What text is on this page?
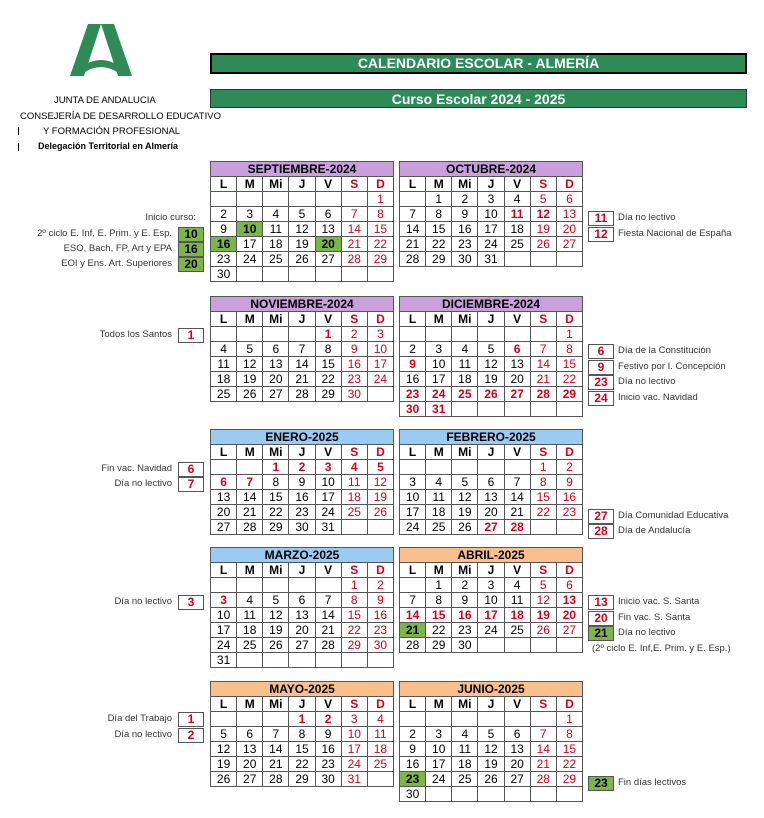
JUNTA DE ANDALUCIA
CONSEJERÍA DE DESARROLLO EDUCATIVO
Y FORMACIÓN PROFESIONAL
Delegación Territorial en Almería
CALENDARIO ESCOLAR - ALMERÍA
Curso Escolar 2024 - 2025
SEPTIEMBRE-2024						
L	M	Mi	J	V	S	D
						1
2	3	4	5	6	7	8
9	10	11	12	13	14	15
16	17	18	19	20	21	22
23	24	25	26	27	28	29
30						
OCTUBRE-2024						
L	M	Mi	J	V	S	D
	1	2	3	4	5	6
7	8	9	10	11	12	13
14	15	16	17	18	19	20
21	22	23	24	25	26	27
28	29	30	31			
NOVIEMBRE-2024						
L	M	Mi	J	V	S	D
				1	2	3
4	5	6	7	8	9	10
11	12	13	14	15	16	17
18	19	20	21	22	23	24
25	26	27	28	29	30	
DICIEMBRE-2024						
L	M	Mi	J	V	S	D
						1
2	3	4	5	6	7	8
9	10	11	12	13	14	15
16	17	18	19	20	21	22
23	24	25	26	27	28	29
30	31					
ENERO-2025						
L	M	Mi	J	V	S	D
		1	2	3	4	5
6	7	8	9	10	11	12
13	14	15	16	17	18	19
20	21	22	23	24	25	26
27	28	29	30	31		
FEBRERO-2025						
L	M	Mi	J	V	S	D
					1	2
3	4	5	6	7	8	9
10	11	12	13	14	15	16
17	18	19	20	21	22	23
24	25	26	27	28		
MARZO-2025						
L	M	Mi	J	V	S	D
					1	2
3	4	5	6	7	8	9
10	11	12	13	14	15	16
17	18	19	20	21	22	23
24	25	26	27	28	29	30
31						
ABRIL-2025						
L	M	Mi	J	V	S	D
	1	2	3	4	5	6
7	8	9	10	11	12	13
14	15	16	17	18	19	20
21	22	23	24	25	26	27
28	29	30				
MAYO-2025						
L	M	Mi	J	V	S	D
			1	2	3	4
5	6	7	8	9	10	11
12	13	14	15	16	17	18
19	20	21	22	23	24	25
26	27	28	29	30	31	
JUNIO-2025						
L	M	Mi	J	V	S	D
						1
2	3	4	5	6	7	8
9	10	11	12	13	14	15
16	17	18	19	20	21	22
23	24	25	26	27	28	29
30						
Inicio curso:
2º ciclo E. Inf, E. Prim. y E. Esp.	10
ESO, Bach, FP, Art y EPA	16
EOI y Ens. Art. Superiores	20
Todos los Santos	1
Fin vac. Navidad	6
Día no lectivo	7
Día no lectivo	3
Día del Trabajo	1
Día no lectivo	2
11	Día no lectivo
12	Fiesta Nacional de España
6	Día de la Constitución
9	Festivo por I. Concepción
23	Día no lectivo
24	Inicio vac. Navidad
27	Día Comunidad Educativa
28	Día de Andalucía
13	Inicio vac. S. Santa
20	Fin vac. S. Santa
21	Día no lectivo
(2º ciclo E. Inf,E. Prim. y E. Esp.)
23	Fin días lectivos
